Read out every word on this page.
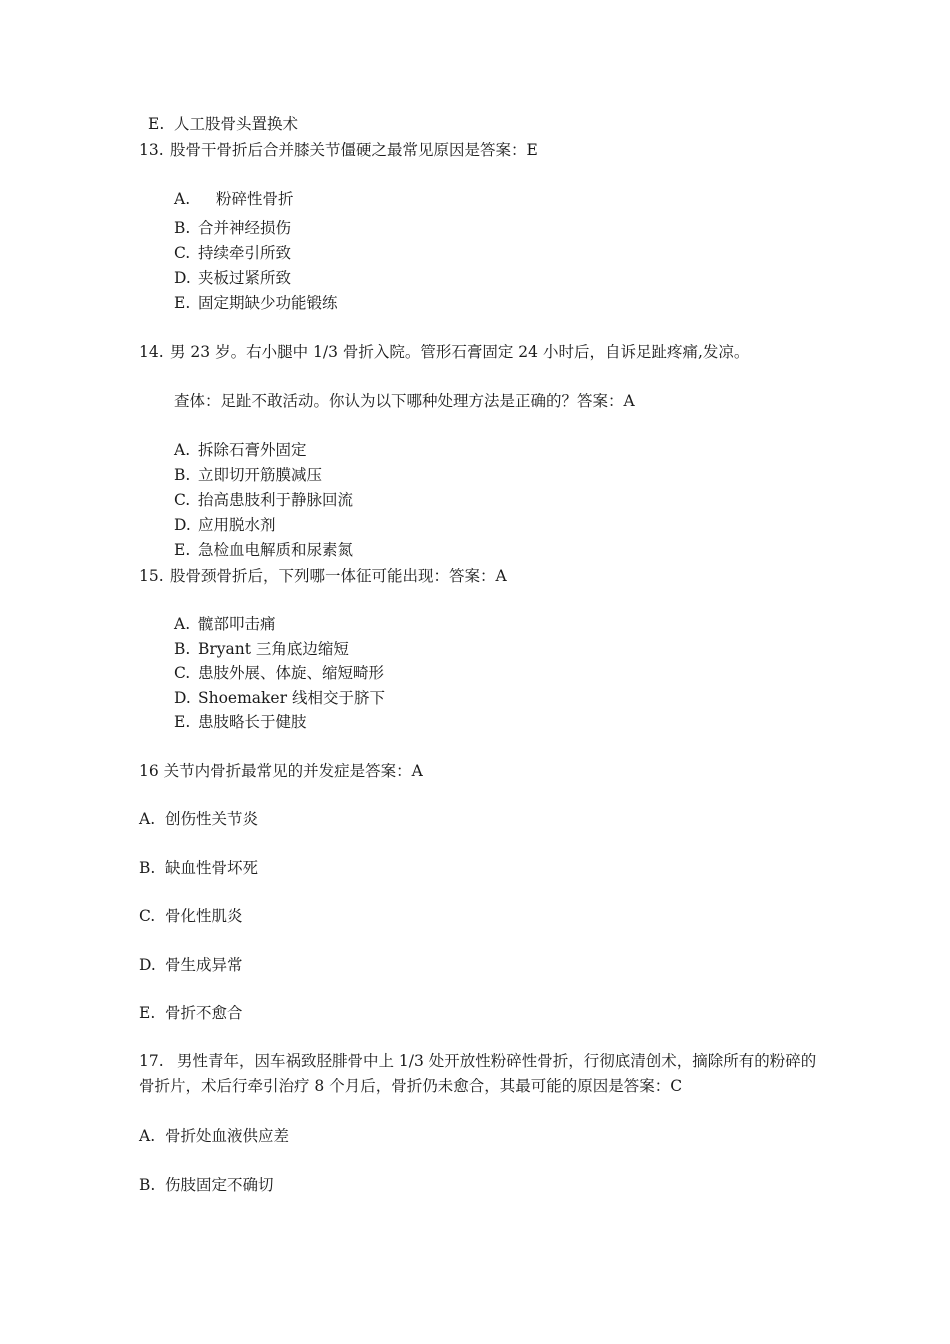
E. 人工股骨头置换术
13. 股骨干骨折后合并膝关节僵硬之最常见原因是答案：E
A. 粉碎性骨折
B. 合并神经损伤
C. 持续牵引所致
D. 夹板过紧所致
E. 固定期缺少功能锻练
14. 男 23 岁。右小腿中 1/3 骨折入院。管形石膏固定 24 小时后，自诉足趾疼痛,发凉。
查体：足趾不敢活动。你认为以下哪种处理方法是正确的？答案：A
A. 拆除石膏外固定
B. 立即切开筋膜减压
C. 抬高患肢利于静脉回流
D. 应用脱水剂
E. 急检血电解质和尿素氮
15. 股骨颈骨折后，下列哪一体征可能出现：答案：A
A. 髋部叩击痛
B. Bryant 三角底边缩短
C. 患肢外展、体旋、缩短畸形
D. Shoemaker 线相交于脐下
E. 患肢略长于健肢
16 关节内骨折最常见的并发症是答案：A
A. 创伤性关节炎
B. 缺血性骨坏死
C. 骨化性肌炎
D. 骨生成异常
E. 骨折不愈合
17. 男性青年，因车祸致胫腓骨中上 1/3 处开放性粉碎性骨折，行彻底清创术，摘除所有的粉碎的骨折片，术后行牵引治疗 8 个月后，骨折仍未愈合，其最可能的原因是答案：C
A. 骨折处血液供应差
B. 伤肢固定不确切
